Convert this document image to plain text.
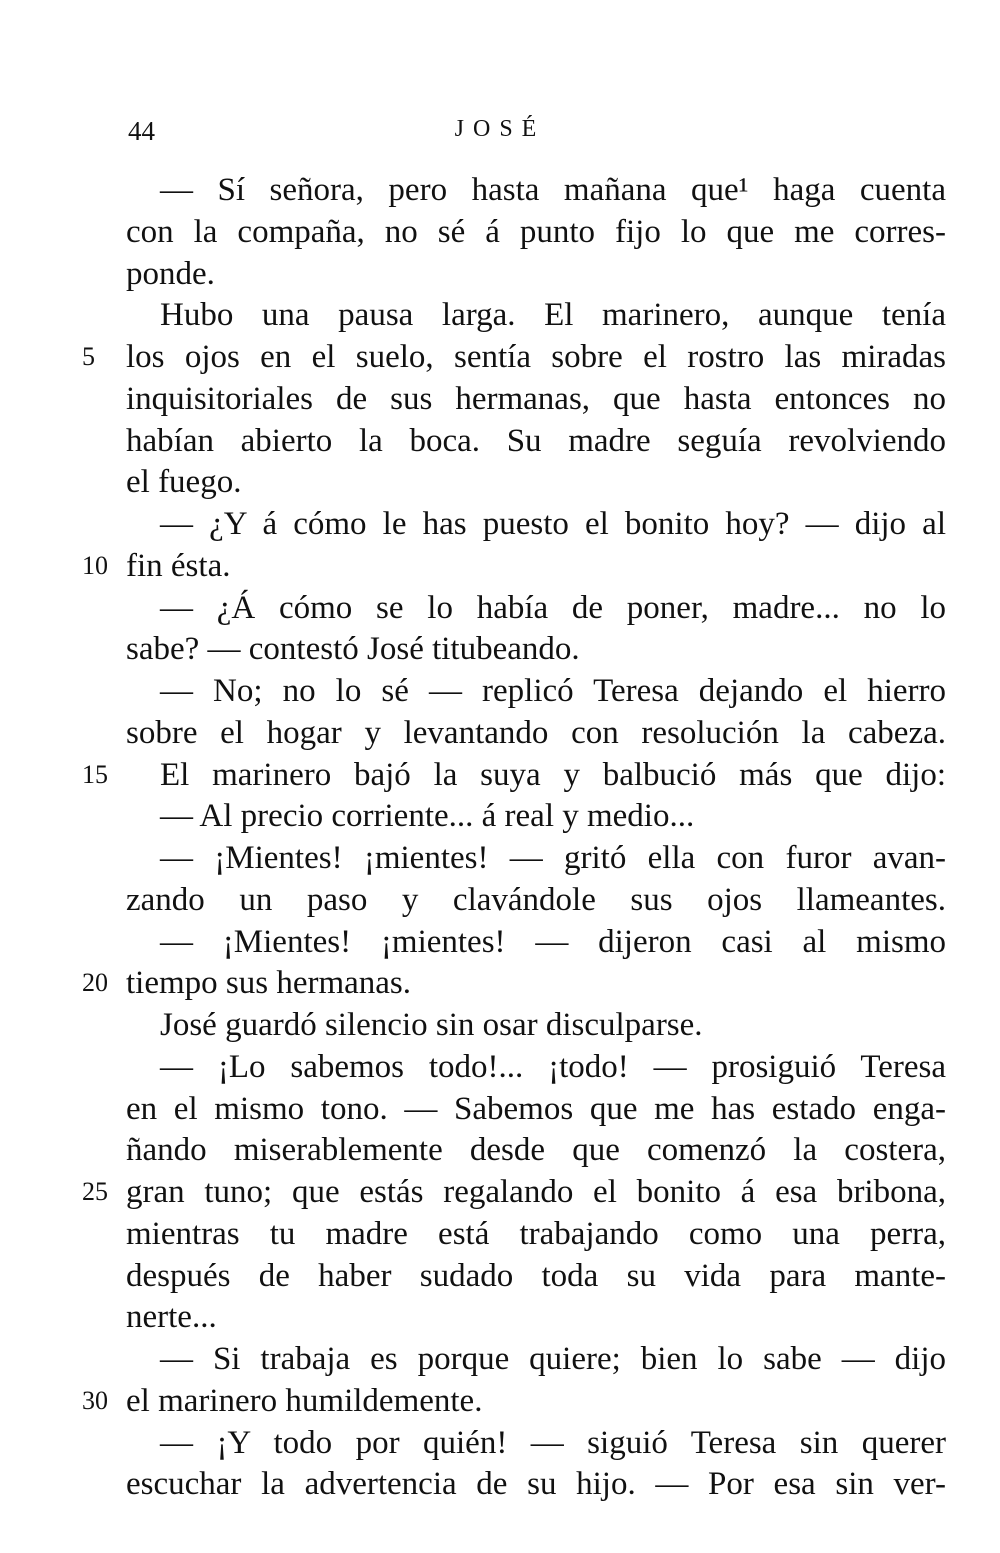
44	JOSÉ
— Sí señora, pero hasta mañana que¹ haga cuenta
con la compaña, no sé á punto fijo lo que me corres-
ponde.
Hubo una pausa larga. El marinero, aunque tenía
5 los ojos en el suelo, sentía sobre el rostro las miradas
inquisitoriales de sus hermanas, que hasta entonces no
habían abierto la boca. Su madre seguía revolviendo
el fuego.
— ¿Y á cómo le has puesto el bonito hoy? — dijo al
10 fin ésta.
— ¿Á cómo se lo había de poner, madre... no lo
sabe? — contestó José titubeando.
— No; no lo sé — replicó Teresa dejando el hierro
sobre el hogar y levantando con resolución la cabeza.
15	El marinero bajó la suya y balbució más que dijo:
— Al precio corriente... á real y medio...
— ¡Mientes! ¡mientes! — gritó ella con furor avan-
zando un paso y clavándole sus ojos llameantes.
— ¡Mientes! ¡mientes! — dijeron casi al mismo
20 tiempo sus hermanas.
José guardó silencio sin osar disculparse.
— ¡Lo sabemos todo!... ¡todo! — prosiguió Teresa
en el mismo tono. — Sabemos que me has estado enga-
ñando miserablemente desde que comenzó la costera,
25 gran tuno; que estás regalando el bonito á esa bribona,
mientras tu madre está trabajando como una perra,
después de haber sudado toda su vida para mante-
nerte...
— Si trabaja es porque quiere; bien lo sabe — dijo
30 el marinero humildemente.
— ¡Y todo por quién! — siguió Teresa sin querer
escuchar la advertencia de su hijo. — Por esa sin ver-
